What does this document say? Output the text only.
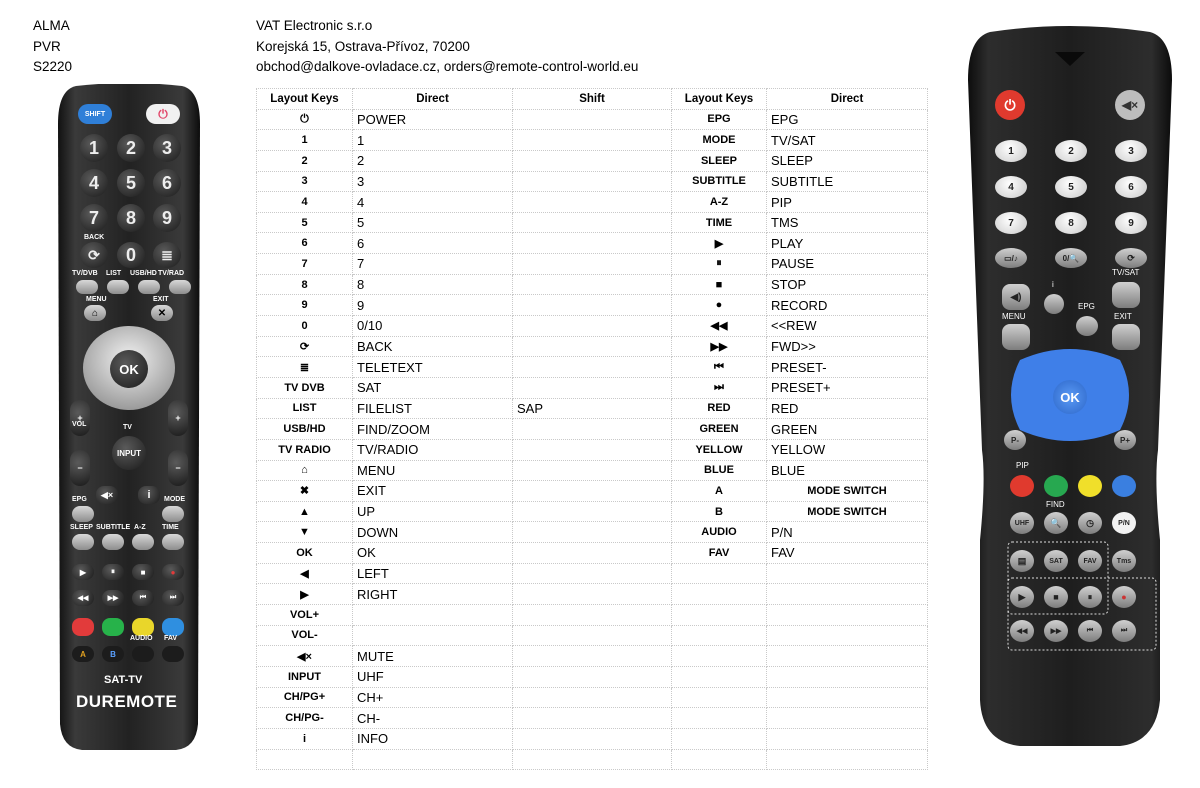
ALMA
PVR
S2220
VAT Electronic s.r.o
Korejská 15, Ostrava-Přívoz, 70200
obchod@dalkove-ovladace.cz, orders@remote-control-world.eu
Layout Keys	Direct	Shift	Layout Keys	Direct
⏻	POWER		EPG	EPG
1	1		MODE	TV/SAT
2	2		SLEEP	SLEEP
3	3		SUBTITLE	SUBTITLE
4	4		A-Z	PIP
5	5		TIME	TMS
6	6		▶	PLAY
7	7		⏸	PAUSE
8	8		■	STOP
9	9		●	RECORD
0	0/10		◀◀	<<REW
⟳	BACK		▶▶	FWD>>
≣	TELETEXT		⏮	PRESET-
TV DVB	SAT		⏭	PRESET+
LIST	FILELIST	SAP	RED	RED
USB/HD	FIND/ZOOM		GREEN	GREEN
TV RADIO	TV/RADIO		YELLOW	YELLOW
⌂	MENU		BLUE	BLUE
✖	EXIT		A	MODE SWITCH
▲	UP		B	MODE SWITCH
▼	DOWN		AUDIO	P/N
OK	OK		FAV	FAV
◀	LEFT			
▶	RIGHT			
VOL+				
VOL-				
◀×	MUTE			
INPUT	UHF			
CH/PG+	CH+			
CH/PG-	CH-			
i	INFO			

SHIFT	⏻
1	2	3
4	5	6
7	8	9
BACK
⟳	0	≣
TV/DVB LIST USB/HD TV/RAD
MENU	EXIT
⌂	✕
OK
+
−
+
−
VOL	TV
INPUT
EPG	MODE
◀×	i
SLEEP SUBTITLE A-Z TIME
▶
◀◀
⏸
▶▶
■
⏮
●
⏭
AUDIO FAV
A	B
SAT-TV
DUREMOTE
⏻	◀×
1	2	3
4	5	6
7	8	9
▭/♪	0/🔍	⟳
TV/SAT
◀)
i
EPG
MENU	EXIT
OK
P-	P+
PIP
FIND
UHF	🔍	◷	P/N
▤	SAT	FAV	Tms
▶
◀◀
■
▶▶
⏸
⏮
●
⏭
